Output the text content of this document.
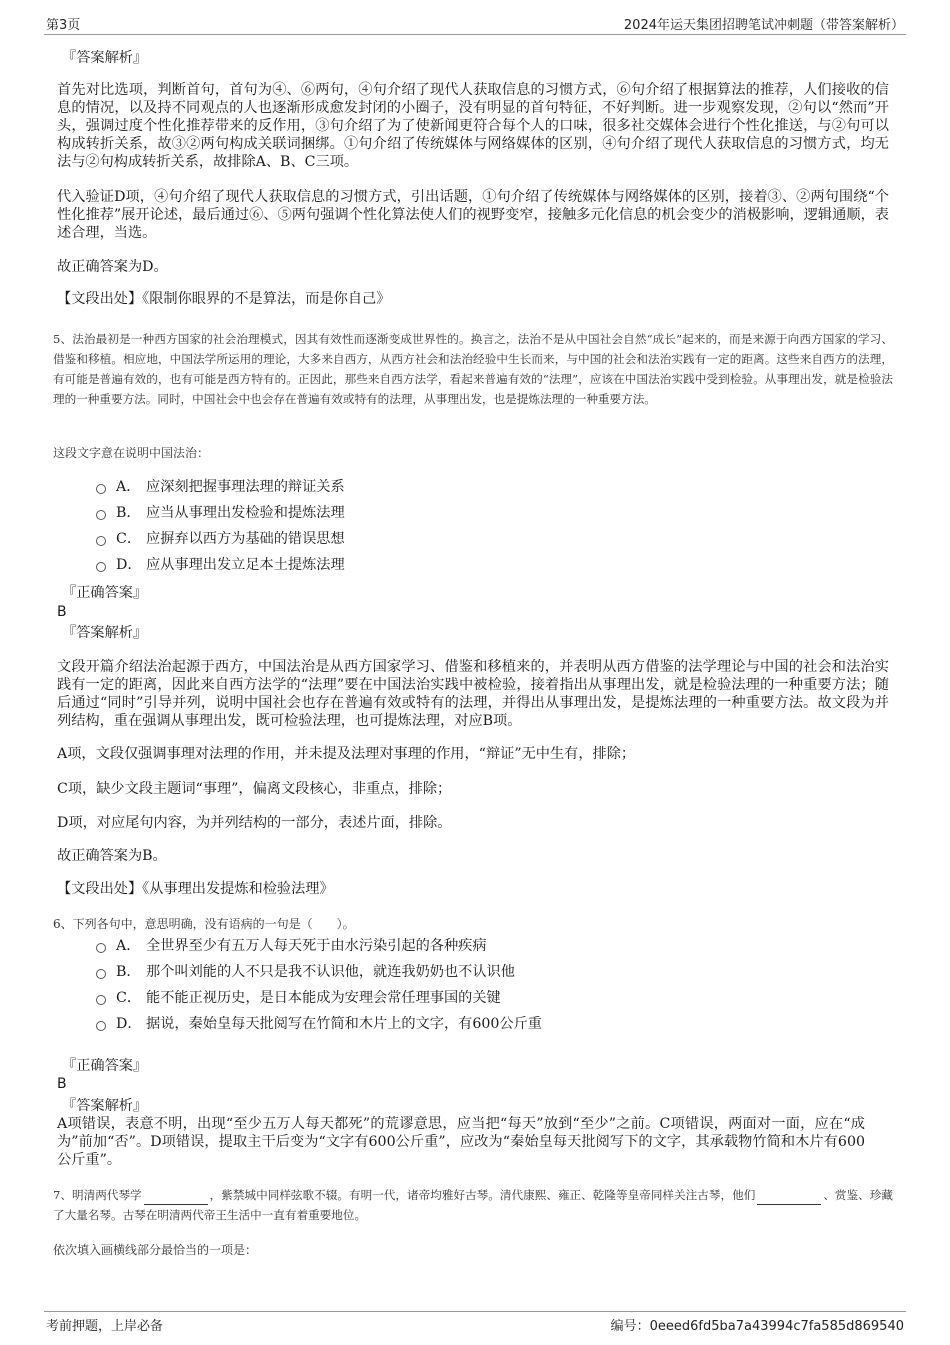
第3页	2024年运天集团招聘笔试冲刺题（带答案解析）
『答案解析』
首先对比选项，判断首句，首句为④、⑥两句，④句介绍了现代人获取信息的习惯方式，⑥句介绍了根据算法的推荐，人们接收的信息的情况，以及持不同观点的人也逐渐形成愈发封闭的小圈子，没有明显的首句特征，不好判断。进一步观察发现，②句以“然而”开头，强调过度个性化推荐带来的反作用，③句介绍了为了使新闻更符合每个人的口味，很多社交媒体会进行个性化推送，与②句可以构成转折关系，故③②两句构成关联词捆绑。①句介绍了传统媒体与网络媒体的区别，④句介绍了现代人获取信息的习惯方式，均无法与②句构成转折关系，故排除A、B、C三项。
代入验证D项，④句介绍了现代人获取信息的习惯方式，引出话题，①句介绍了传统媒体与网络媒体的区别，接着③、②两句围绕“个性化推荐”展开论述，最后通过⑥、⑤两句强调个性化算法使人们的视野变窄，接触多元化信息的机会变少的消极影响，逻辑通顺，表述合理，当选。
故正确答案为D。
【文段出处】《限制你眼界的不是算法，而是你自己》
5、法治最初是一种西方国家的社会治理模式，因其有效性而逐渐变成世界性的。换言之，法治不是从中国社会自然“成长”起来的，而是来源于向西方国家的学习、借鉴和移植。相应地，中国法学所运用的理论，大多来自西方，从西方社会和法治经验中生长而来，与中国的社会和法治实践有一定的距离。这些来自西方的法理，有可能是普遍有效的，也有可能是西方特有的。正因此，那些来自西方法学，看起来普遍有效的“法理”，应该在中国法治实践中受到检验。从事理出发，就是检验法理的一种重要方法。同时，中国社会中也会存在普遍有效或特有的法理，从事理出发，也是提炼法理的一种重要方法。
这段文字意在说明中国法治：
A． 应深刻把握事理法理的辩证关系
B． 应当从事理出发检验和提炼法理
C． 应摒弃以西方为基础的错误思想
D． 应从事理出发立足本土提炼法理
『正确答案』
B
『答案解析』
文段开篇介绍法治起源于西方，中国法治是从西方国家学习、借鉴和移植来的，并表明从西方借鉴的法学理论与中国的社会和法治实践有一定的距离，因此来自西方法学的“法理”要在中国法治实践中被检验，接着指出从事理出发，就是检验法理的一种重要方法；随后通过“同时”引导并列，说明中国社会也存在普遍有效或特有的法理，并得出从事理出发，是提炼法理的一种重要方法。故文段为并列结构，重在强调从事理出发，既可检验法理，也可提炼法理，对应B项。
A项，文段仅强调事理对法理的作用，并未提及法理对事理的作用，“辩证”无中生有，排除；
C项，缺少文段主题词“事理”，偏离文段核心，非重点，排除；
D项，对应尾句内容，为并列结构的一部分，表述片面，排除。
故正确答案为B。
【文段出处】《从事理出发提炼和检验法理》
6、下列各句中，意思明确，没有语病的一句是（　　）。
A． 全世界至少有五万人每天死于由水污染引起的各种疾病
B． 那个叫刘能的人不只是我不认识他，就连我奶奶也不认识他
C． 能不能正视历史，是日本能成为安理会常任理事国的关键
D． 据说，秦始皇每天批阅写在竹简和木片上的文字，有600公斤重
『正确答案』
B
『答案解析』
A项错误，表意不明，出现“至少五万人每天都死”的荒谬意思，应当把“每天”放到“至少”之前。C项错误，两面对一面，应在“成为”前加“否”。D项错误，提取主干后变为“文字有600公斤重”，应改为“秦始皇每天批阅写下的文字，其承载物竹简和木片有600公斤重”。
7、明清两代琴学	，紫禁城中同样弦歌不辍。有明一代，诸帝均雅好古琴。清代康熙、雍正、乾隆等皇帝同样关注古琴，他们	、赏鉴、珍藏了大量名琴。古琴在明清两代帝王生活中一直有着重要地位。
依次填入画横线部分最恰当的一项是：
考前押题，上岸必备	编号：0eeed6fd5ba7a43994c7fa585d869540
